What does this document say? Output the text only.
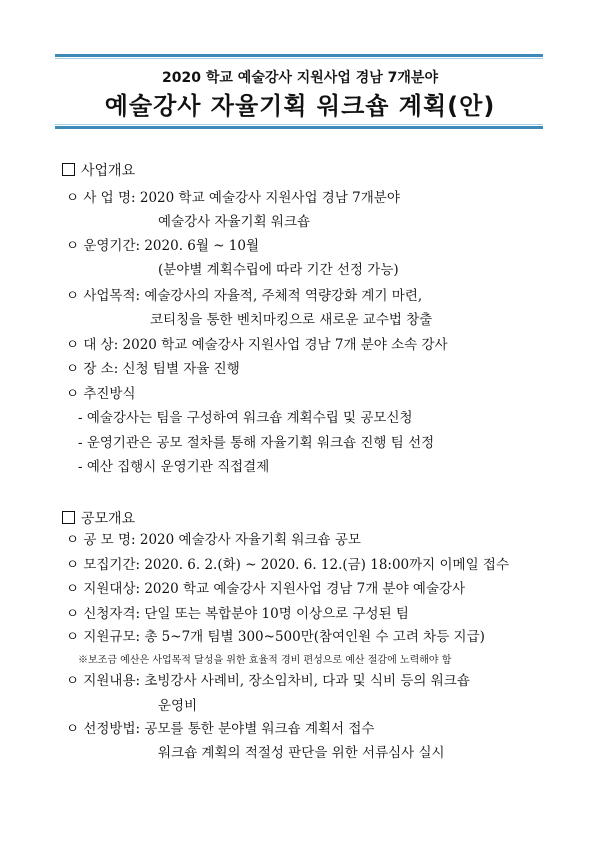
2020 학교 예술강사 지원사업 경남 7개분야
예술강사 자율기획 워크숍 계획(안)
사업개요
ㅇ 사 업 명: 2020 학교 예술강사 지원사업 경남 7개분야
예술강사 자율기획 워크숍
ㅇ 운영기간: 2020. 6월 ~ 10월
(분야별 계획수립에 따라 기간 선정 가능)
ㅇ 사업목적: 예술강사의 자율적, 주체적 역량강화 계기 마련,
코티칭을 통한 벤치마킹으로 새로운 교수법 창출
ㅇ 대 상: 2020 학교 예술강사 지원사업 경남 7개 분야 소속 강사
ㅇ 장 소: 신청 팀별 자율 진행
ㅇ 추진방식
- 예술강사는 팀을 구성하여 워크숍 계획수립 및 공모신청
- 운영기관은 공모 절차를 통해 자율기획 워크숍 진행 팀 선정
- 예산 집행시 운영기관 직접결제
공모개요
ㅇ 공 모 명: 2020 예술강사 자율기획 워크숍 공모
ㅇ 모집기간: 2020. 6. 2.(화) ~ 2020. 6. 12.(금) 18:00까지 이메일 접수
ㅇ 지원대상: 2020 학교 예술강사 지원사업 경남 7개 분야 예술강사
ㅇ 신청자격: 단일 또는 복합분야 10명 이상으로 구성된 팀
ㅇ 지원규모: 총 5~7개 팀별 300~500만(참여인원 수 고려 차등 지급)
※보조금 예산은 사업목적 달성을 위한 효율적 경비 편성으로 예산 절감에 노력해야 함
ㅇ 지원내용: 초빙강사 사례비, 장소임차비, 다과 및 식비 등의 워크숍
운영비
ㅇ 선정방법: 공모를 통한 분야별 워크숍 계획서 접수
워크숍 계획의 적절성 판단을 위한 서류심사 실시
